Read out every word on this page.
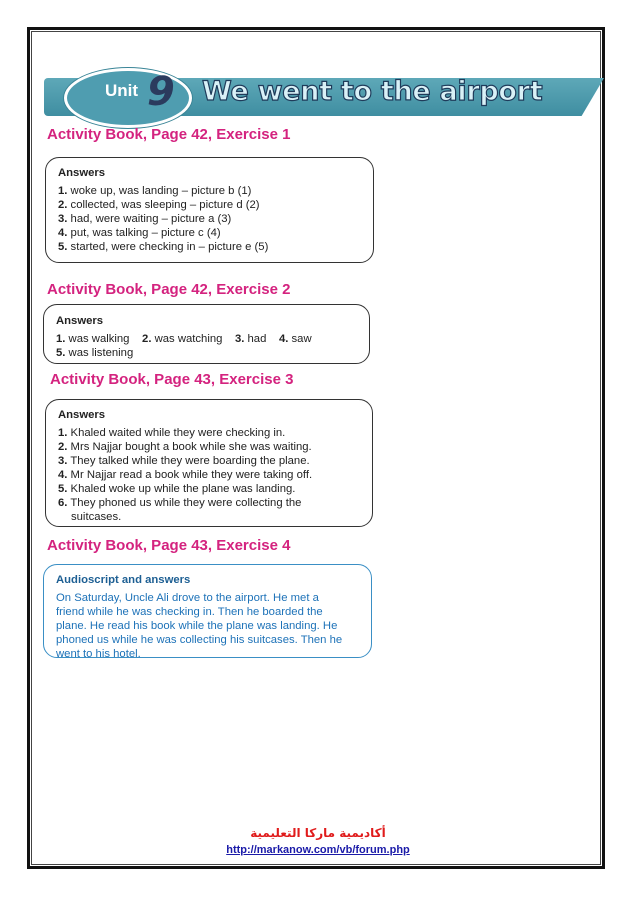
Unit 9 We went to the airport
Activity Book, Page 42, Exercise 1
Answers
1. woke up, was landing – picture b (1)
2. collected, was sleeping – picture d (2)
3. had, were waiting – picture a (3)
4. put, was talking – picture c (4)
5. started, were checking in – picture e (5)
Activity Book, Page 42, Exercise 2
Answers
1. was walking 2. was watching 3. had 4. saw
5. was listening
Activity Book, Page 43, Exercise 3
Answers
1. Khaled waited while they were checking in.
2. Mrs Najjar bought a book while she was waiting.
3. They talked while they were boarding the plane.
4. Mr Najjar read a book while they were taking off.
5. Khaled woke up while the plane was landing.
6. They phoned us while they were collecting the
suitcases.
Activity Book, Page 43, Exercise 4
Audioscript and answers
On Saturday, Uncle Ali drove to the airport. He met a
friend while he was checking in. Then he boarded the
plane. He read his book while the plane was landing. He
phoned us while he was collecting his suitcases. Then he
went to his hotel.
أكاديمية ماركا التعليمية
http://markanow.com/vb/forum.php
